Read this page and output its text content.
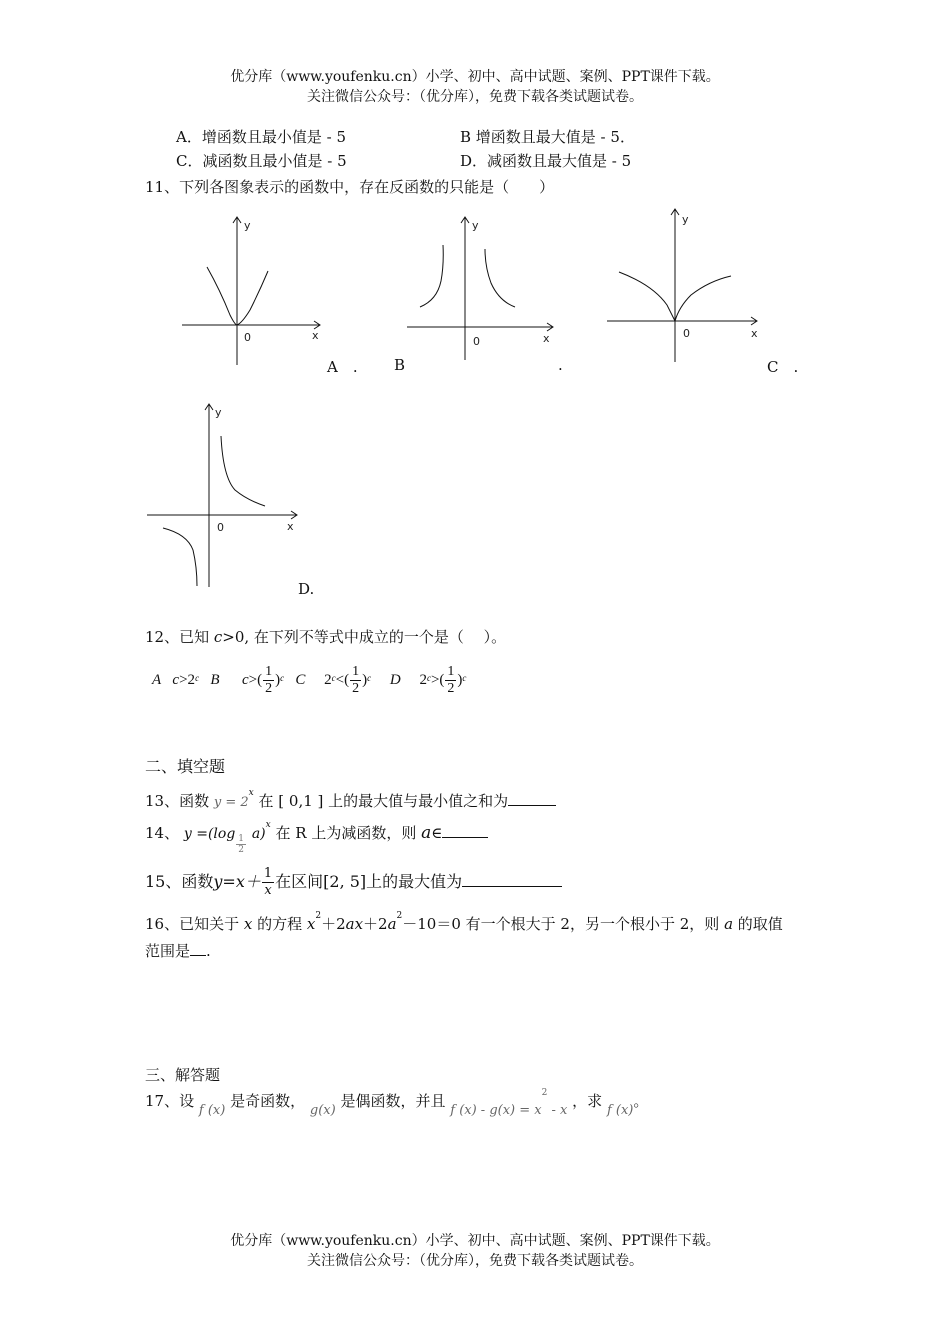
优分库（www.youfenku.cn）小学、初中、高中试题、案例、PPT课件下载。
关注微信公众号：（优分库），免费下载各类试题试卷。
A．增函数且最小值是 - 5	B 增函数且最大值是 - 5．
C．减函数且最小值是 - 5	D．减函数且最大值是 - 5
11、下列各图象表示的函数中，存在反函数的只能是（　　）
y
x
0
y
x
0
y
x
0
A　. B	.	C　.
y
x
0
D.
12、已知 c>0, 在下列不等式中成立的一个是（　 ）。
A $c>2^c$ B $c>( \frac{1}{2} )^c$ C $2^c<( \frac{1}{2} )^c$ D $2^c>( \frac{1}{2} )^c$
二、填空题
13、函数 $y = 2^x$ 在 [ 0,1 ] 上的最大值与最小值之和为
14、 $y =(\log \frac{1}{2} a)^x$ 在 R 上为减函数，则 a∈
15、函数$y=x+ \frac{1}{x}$ 在区间[2, 5]上的最大值为
16、已知关于 x 的方程 $x^2+2ax+2a^2-10=0$ 有一个根大于 2，另一个根小于 2，则 a 的取值
范围是 .
三、解答题
17、设 f (x) 是奇函数， g(x) 是偶函数，并且 f $(x) - g(x) = x^2 - x$ ，求 f (x)。
优分库（www.youfenku.cn）小学、初中、高中试题、案例、PPT课件下载。
关注微信公众号：（优分库），免费下载各类试题试卷。
